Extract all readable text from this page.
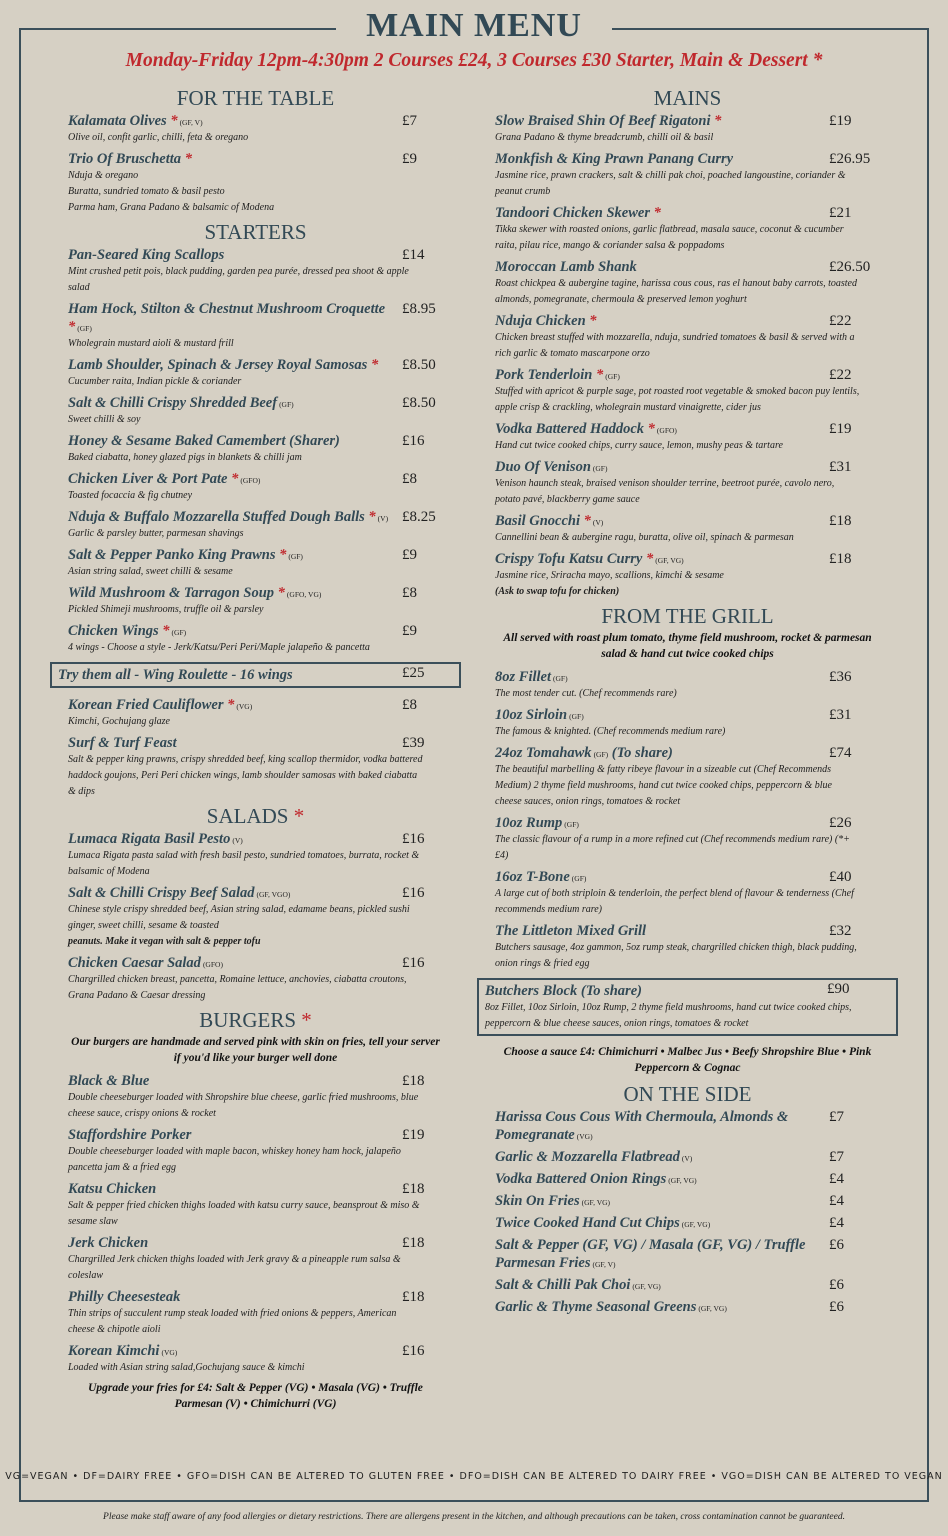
MAIN MENU
Monday-Friday 12pm-4:30pm 2 Courses £24, 3 Courses £30 Starter, Main & Dessert *
FOR THE TABLE
Kalamata Olives * $^{(GF, V)}$	£7
Olive oil, confit garlic, chilli, feta & oregano
Trio Of Bruschetta *	£9
Nduja & oregano
Buratta, sundried tomato & basil pesto
Parma ham, Grana Padano & balsamic of Modena
STARTERS
Pan-Seared King Scallops	£14
Mint crushed petit pois, black pudding, garden pea purée, dressed pea shoot & apple salad
Ham Hock, Stilton & Chestnut Mushroom Croquette * $^{(GF)}$
£8.95
Wholegrain mustard aioli & mustard frill
Lamb Shoulder, Spinach & Jersey Royal Samosas *	£8.50
Cucumber raita, Indian pickle & coriander
Salt & Chilli Crispy Shredded Beef $^{(GF)}$	£8.50
Sweet chilli & soy
Honey & Sesame Baked Camembert (Sharer)	£16
Baked ciabatta, honey glazed pigs in blankets & chilli jam
Chicken Liver & Port Pate * $^{(GFO)}$	£8
Toasted focaccia & fig chutney
Nduja & Buffalo Mozzarella Stuffed Dough Balls * $^{(V)}$ £8.25
Garlic & parsley butter, parmesan shavings
Salt & Pepper Panko King Prawns * $^{(GF)}$	£9
Asian string salad, sweet chilli & sesame
Wild Mushroom & Tarragon Soup * $^{(GFO, VG)}$	£8
Pickled Shimeji mushrooms, truffle oil & parsley
Chicken Wings * $^{(GF)}$	£9
4 wings - Choose a style - Jerk/Katsu/Peri Peri/Maple jalapeño & pancetta
Try them all - Wing Roulette - 16 wings	£25
Korean Fried Cauliflower * $^{(VG)}$	£8
Kimchi, Gochujang glaze
Surf & Turf Feast	£39
Salt & pepper king prawns, crispy shredded beef, king scallop thermidor, vodka battered haddock goujons, Peri Peri chicken wings, lamb shoulder samosas with baked ciabatta & dips
SALADS *
Lumaca Rigata Basil Pesto $^{(V)}$	£16
Lumaca Rigata pasta salad with fresh basil pesto, sundried tomatoes, burrata, rocket & balsamic of Modena
Salt & Chilli Crispy Beef Salad $^{(GF, VGO)}$	£16
Chinese style crispy shredded beef, Asian string salad, edamame beans, pickled sushi ginger, sweet chilli, sesame & toasted
peanuts. Make it vegan with salt & pepper tofu
Chicken Caesar Salad $^{(GFO)}$	£16
Chargrilled chicken breast, pancetta, Romaine lettuce, anchovies, ciabatta croutons, Grana Padano & Caesar dressing
BURGERS *
Our burgers are handmade and served pink with skin on fries, tell your server if you'd like your burger well done
Black & Blue	£18
Double cheeseburger loaded with Shropshire blue cheese, garlic fried mushrooms, blue cheese sauce, crispy onions & rocket
Staffordshire Porker	£19
Double cheeseburger loaded with maple bacon, whiskey honey ham hock, jalapeño pancetta jam & a fried egg
Katsu Chicken	£18
Salt & pepper fried chicken thighs loaded with katsu curry sauce, beansprout & miso & sesame slaw
Jerk Chicken	£18
Chargrilled Jerk chicken thighs loaded with Jerk gravy & a pineapple rum salsa & coleslaw
Philly Cheesesteak	£18
Thin strips of succulent rump steak loaded with fried onions & peppers, American cheese & chipotle aioli
Korean Kimchi $^{(VG)}$	£16
Loaded with Asian string salad,Gochujang sauce & kimchi
Upgrade your fries for £4: Salt & Pepper (VG) • Masala (VG) • Truffle Parmesan (V) • Chimichurri (VG)
MAINS
Slow Braised Shin Of Beef Rigatoni *	£19
Grana Padano & thyme breadcrumb, chilli oil & basil
Monkfish & King Prawn Panang Curry	£26.95
Jasmine rice, prawn crackers, salt & chilli pak choi, poached langoustine, coriander & peanut crumb
Tandoori Chicken Skewer *	£21
Tikka skewer with roasted onions, garlic flatbread, masala sauce, coconut & cucumber raita, pilau rice, mango & coriander salsa & poppadoms
Moroccan Lamb Shank	£26.50
Roast chickpea & aubergine tagine, harissa cous cous, ras el hanout baby carrots, toasted almonds, pomegranate, chermoula & preserved lemon yoghurt
Nduja Chicken *	£22
Chicken breast stuffed with mozzarella, nduja, sundried tomatoes & basil & served with a rich garlic & tomato mascarpone orzo
Pork Tenderloin * $^{(GF)}$	£22
Stuffed with apricot & purple sage, pot roasted root vegetable & smoked bacon puy lentils, apple crisp & crackling, wholegrain mustard vinaigrette, cider jus
Vodka Battered Haddock * $^{(GFO)}$	£19
Hand cut twice cooked chips, curry sauce, lemon, mushy peas & tartare
Duo Of Venison $^{(GF)}$	£31
Venison haunch steak, braised venison shoulder terrine, beetroot purée, cavolo nero, potato pavé, blackberry game sauce
Basil Gnocchi * $^{(V)}$	£18
Cannellini bean & aubergine ragu, buratta, olive oil, spinach & parmesan
Crispy Tofu Katsu Curry * $^{(GF, VG)}$	£18
Jasmine rice, Sriracha mayo, scallions, kimchi & sesame
(Ask to swap tofu for chicken)
FROM THE GRILL
All served with roast plum tomato, thyme field mushroom, rocket & parmesan salad & hand cut twice cooked chips
8oz Fillet $^{(GF)}$	£36
The most tender cut. (Chef recommends rare)
10oz Sirloin $^{(GF)}$	£31
The famous & knighted. (Chef recommends medium rare)
24oz Tomahawk $^{(GF)}$ (To share)	£74
The beautiful marbelling & fatty ribeye flavour in a sizeable cut (Chef Recommends Medium) 2 thyme field mushrooms, hand cut twice cooked chips, peppercorn & blue cheese sauces, onion rings, tomatoes & rocket
10oz Rump $^{(GF)}$	£26
The classic flavour of a rump in a more refined cut (Chef recommends medium rare) (*+£4)
16oz T-Bone $^{(GF)}$	£40
A large cut of both striploin & tenderloin, the perfect blend of flavour & tenderness (Chef recommends medium rare)
The Littleton Mixed Grill	£32
Butchers sausage, 4oz gammon, 5oz rump steak, chargrilled chicken thigh, black pudding, onion rings & fried egg
Butchers Block (To share)	£90
8oz Fillet, 10oz Sirloin, 10oz Rump, 2 thyme field mushrooms, hand cut twice cooked chips, peppercorn & blue cheese sauces, onion rings, tomatoes & rocket
Choose a sauce £4: Chimichurri • Malbec Jus • Beefy Shropshire Blue • Pink Peppercorn & Cognac
ON THE SIDE
Harissa Cous Cous With Chermoula, Almonds & Pomegranate $^{(VG)}$
£7
Garlic & Mozzarella Flatbread $^{(V)}$	£7
Vodka Battered Onion Rings $^{(GF, VG)}$	£4
Skin On Fries $^{(GF, VG)}$	£4
Twice Cooked Hand Cut Chips $^{(GF, VG)}$	£4
Salt & Pepper (GF, VG) / Masala (GF, VG) / Truffle Parmesan Fries $^{(GF, V)}$
£6
Salt & Chilli Pak Choi $^{(GF, VG)}$	£6
Garlic & Thyme Seasonal Greens $^{(GF, VG)}$	£6
VG=VEGAN • DF=DAIRY FREE • GFO=DISH CAN BE ALTERED TO GLUTEN FREE • DFO=DISH CAN BE ALTERED TO DAIRY FREE • VGO=DISH CAN BE ALTERED TO VEGAN
Please make staff aware of any food allergies or dietary restrictions. There are allergens present in the kitchen, and although precautions can be taken, cross contamination cannot be guaranteed.
